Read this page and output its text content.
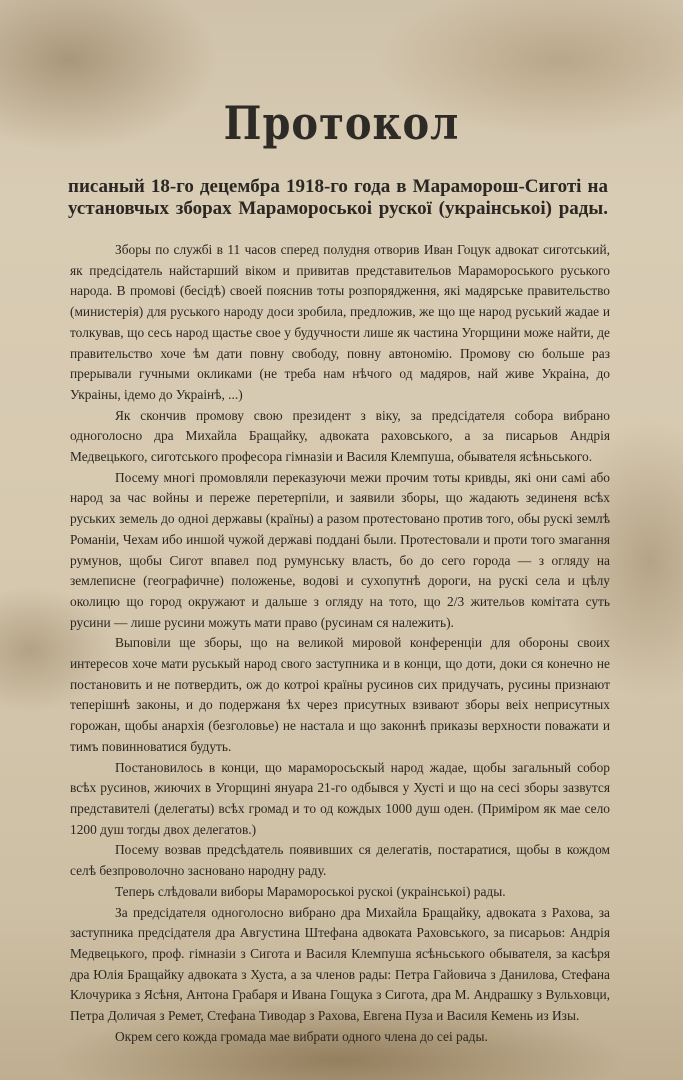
Протокол
писаный 18-го децембра 1918-го года в Мараморош-Сиготі на
установчых зборах Марамороськоі рускої (украінськоі) рады.

Зборы по службі в 11 часов сперед полудня отворив Иван Гоцук адвокат сиготський, як предсідатель найстарший віком и привитав представительов Марамороського руського народа. В промові (бесідѣ) своей пояснив тоты розпорядження, які мадярське правительство (министерія) для руського народу доси зробила, предложив, же що ще народ руський жадае и толкував, що сесь народ щастье свое у будучности лише як частина Угорщини може найти, де правительство хоче ѣм дати повну свободу, повну автономію. Промову сю больше раз прерывали гучными окликами (не треба нам нѣчого од мадяров, най живе Украіна, до Украіны, ідемо до Украінѣ, ...)

Як скончив промову свою президент з віку, за предсідателя собора вибрано одноголосно дра Михайла Бращайку, адвоката раховського, а за писарьов Андрія Медвецького, сиготського професора гімназіи и Василя Клемпуша, обывателя ясѣньського.

Посему многі промовляли переказуючи межи прочим тоты кривды, які они самі або народ за час войны и пережe перетерпіли, и заявили зборы, що жадають зединеня всѣх руських земель до одноі державы (країны) а разом протестовано против того, обы рускі землѣ Романіи, Чехам ибо иншой чужой державі поддані были. Протестовали и проти того змагання румунов, щобы Сигот впавел под румунську власть, бо до сего города — з огляду на землеписне (географичне) положенье, водові и сухопутнѣ дороги, на рускі села и цѣлу околицю що город окружают и дальше з огляду на тото, що 2/3 жительов комітата суть русини — лише русини можуть мати право (русинам ся належить).

Выповіли ще зборы, що на великой мировой конференціи для обороны своих интересов хоче мати руськый народ свого заступника и в конци, що доти, доки ся конечно не постановить и не потвердить, ож до котроі країны русинов сих придучать, русины признают теперішнѣ законы, и до подержаня ѣх через присутных взивают зборы веіх неприсутных горожан, щобы анархія (безголовье) не настала и що законнѣ приказы верхности поважати и тимъ повинноватися будуть.

Постановилось в конци, що мараморосьскый народ жадае, щобы загальный собор всѣх русинов, жиючих в Угорщині януара 21-го одбывся у Хусті и що на сесі зборы зазвутся представителі (делегаты) всѣх громад и то од кождых 1000 душ оден. (Примiром як мае село 1200 душ тогды двох делегатов.)

Посему возвав предсѣдатель появивших ся делегатів, постаратися, щобы в кождом селѣ безпроволочно засновано народну раду.

Теперь слѣдовали виборы Марамороськоі рускоі (украінськоі) рады.

За предсідателя одноголосно вибрано дра Михайла Бращайку, адвоката з Рахова, за заступника предсідателя дра Августина Штефана адвоката Раховського, за писарьов: Андрія Медвецького, проф. гімназіи з Сигота и Василя Клемпуша ясѣньського обывателя, за касѣря дра Юлія Бращайку адвоката з Хуста, а за членов рады: Петра Гайовича з Данилова, Стефана Клочурика з Ясѣня, Антона Грабаря и Ивана Гощука з Сигота, дра М. Андрашку з Вульховци, Петра Доличая з Ремет, Стефана Тиводар з Рахова, Евгена Пуза и Василя Кемень из Изы.

Окрем сего кожда громада мае вибрати одного члена до сеі рады.
